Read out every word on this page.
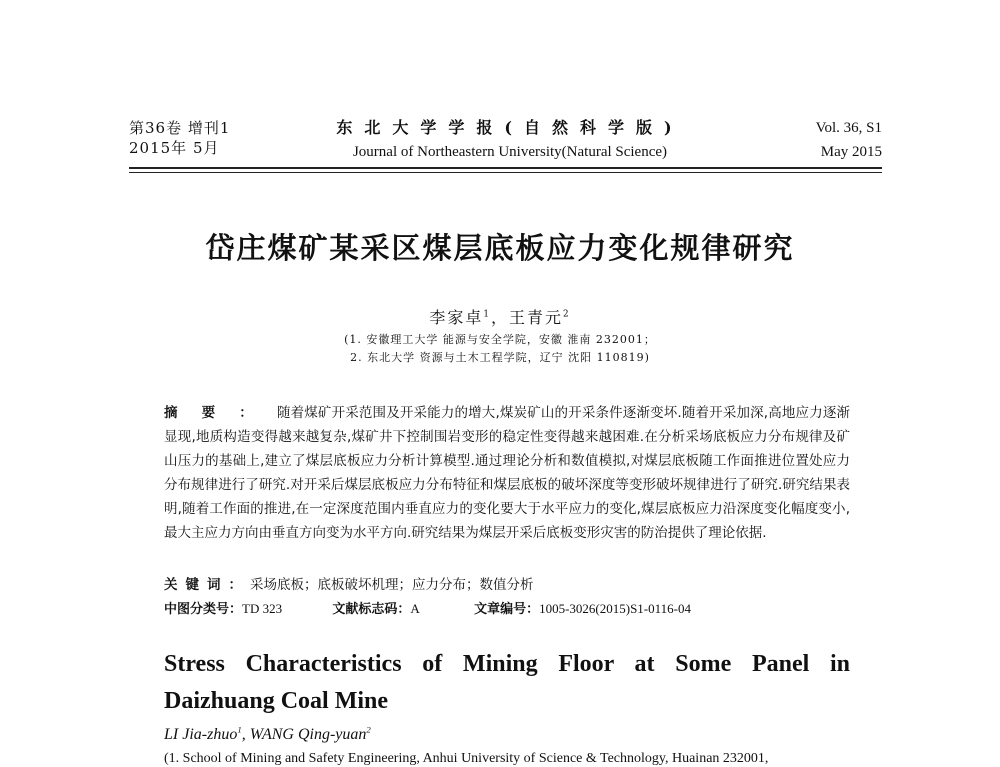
第36卷 增刊1
2015年 5月
东北大学学报(自然科学版)
Journal of Northeastern University(Natural Science)
Vol. 36, S1
May 2015
岱庄煤矿某采区煤层底板应力变化规律研究
李家卓$^1$，王青元$^2$
(1. 安徽理工大学 能源与安全学院，安徽 淮南 232001；
2. 东北大学 资源与土木工程学院，辽宁 沈阳 110819)
摘要：随着煤矿开采范围及开采能力的增大,煤炭矿山的开采条件逐渐变坏.随着开采加深,高地应力逐渐显现,地质构造变得越来越复杂,煤矿井下控制围岩变形的稳定性变得越来越困难.在分析采场底板应力分布规律及矿山压力的基础上,建立了煤层底板应力分析计算模型.通过理论分析和数值模拟,对煤层底板随工作面推进位置处应力分布规律进行了研究.对开采后煤层底板应力分布特征和煤层底板的破坏深度等变形破坏规律进行了研究.研究结果表明,随着工作面的推进,在一定深度范围内垂直应力的变化要大于水平应力的变化,煤层底板应力沿深度变化幅度变小,最大主应力方向由垂直方向变为水平方向.研究结果为煤层开采后底板变形灾害的防治提供了理论依据.
关键词：采场底板；底板破坏机理；应力分布；数值分析
中图分类号：TD 323	文献标志码：A	文章编号：1005-3026(2015)S1-0116-04
Stress Characteristics of Mining Floor at Some Panel in
Daizhuang Coal Mine
LI Jia-zhuo$^1$, WANG Qing-yuan$^2$
(1. School of Mining and Safety Engineering, Anhui University of Science & Technology, Huainan 232001,
